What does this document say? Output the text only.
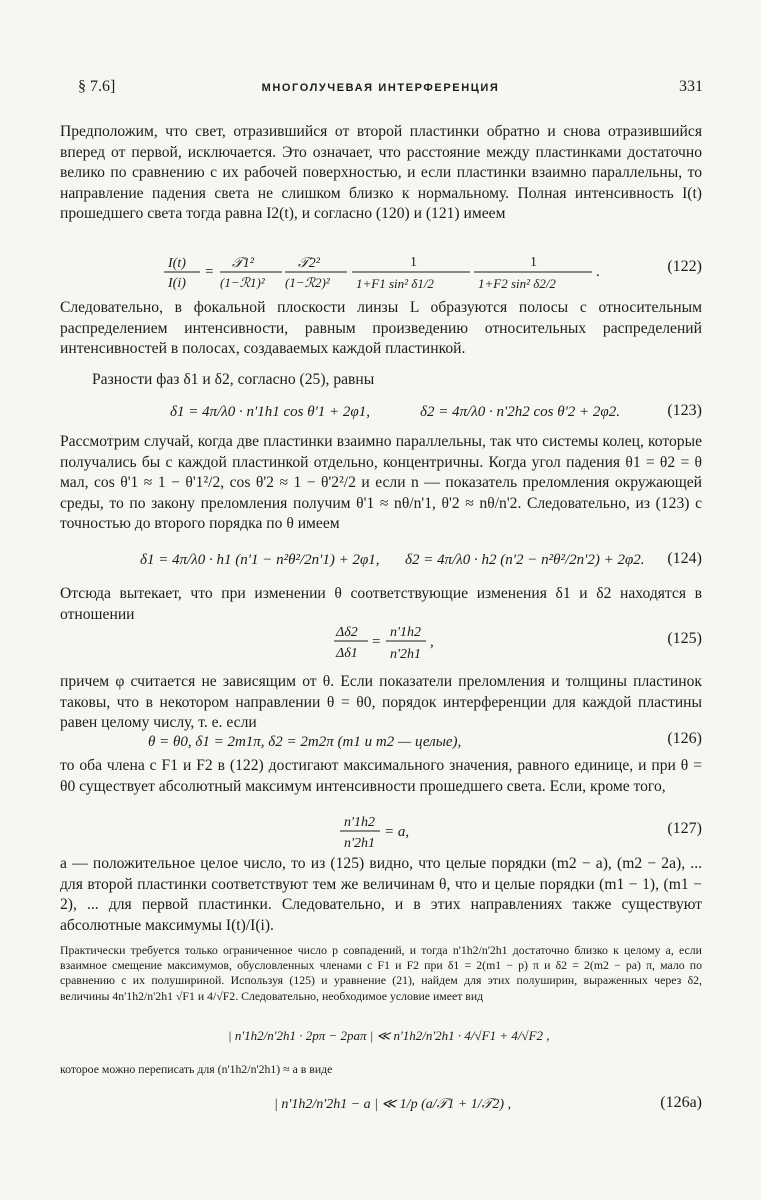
§ 7.6]	МНОГОЛУЧЕВАЯ ИНТЕРФЕРЕНЦИЯ	331

Предположим, что свет, отразившийся от второй пластинки обратно и снова отразившийся вперед от первой, исключается. Это означает, что расстояние между пластинками достаточно велико по сравнению с их рабочей поверхностью, и если пластинки взаимно параллельны, то направление падения света не слишком близко к нормальному. Полная интенсивность I(t) прошедшего света тогда равна I2(t), и согласно (120) и (121) имеем

I(t)
I(i)
=
𝒯1²
(1−ℛ1)²
𝒯2²
(1−ℛ2)²
1
1+F1 sin² δ1/2
1
1+F2 sin² δ2/2
.	(122)

Следовательно, в фокальной плоскости линзы L образуются полосы с относительным распределением интенсивности, равным произведению относительных распределений интенсивностей в полосах, создаваемых каждой пластинкой.

Разности фаз δ1 и δ2, согласно (25), равны

δ1 = 4π/λ0 · n'1h1 cos θ'1 + 2φ1,	δ2 = 4π/λ0 · n'2h2 cos θ'2 + 2φ2.	(123)

Рассмотрим случай, когда две пластинки взаимно параллельны, так что системы колец, которые получались бы с каждой пластинкой отдельно, концентричны. Когда угол падения θ1 = θ2 = θ мал, cos θ'1 ≈ 1 − θ'1²/2, cos θ'2 ≈ 1 − θ'2²/2 и если n — показатель преломления окружающей среды, то по закону преломления получим θ'1 ≈ nθ/n'1, θ'2 ≈ nθ/n'2. Следовательно, из (123) с точностью до второго порядка по θ имеем

δ1 = 4π/λ0 · h1 (n'1 − n²θ²/2n'1) + 2φ1, δ2 = 4π/λ0 · h2 (n'2 − n²θ²/2n'2) + 2φ2. (124)

Отсюда вытекает, что при изменении θ соответствующие изменения δ1 и δ2 находятся в отношении

Δδ2
Δδ1
=
n'1h2
n'2h1
,	(125)

причем φ считается не зависящим от θ. Если показатели преломления и толщины пластинок таковы, что в некотором направлении θ = θ0, порядок интерференции для каждой пластины равен целому числу, т. е. если

θ = θ0, δ1 = 2m1π, δ2 = 2m2π (m1 и m2 — целые),	(126)

то оба члена с F1 и F2 в (122) достигают максимального значения, равного единице, и при θ = θ0 существует абсолютный максимум интенсивности прошедшего света. Если, кроме того,

n'1h2
n'2h1
= a,	(127)

a — положительное целое число, то из (125) видно, что целые порядки (m2 − a), (m2 − 2a), ... для второй пластинки соответствуют тем же величинам θ, что и целые порядки (m1 − 1), (m1 − 2), ... для первой пластинки. Следовательно, и в этих направлениях также существуют абсолютные максимумы I(t)/I(i).

Практически требуется только ограниченное число p совпадений, и тогда n'1h2/n'2h1 достаточно близко к целому a, если взаимное смещение максимумов, обусловленных членами с F1 и F2 при δ1 = 2(m1 − p) π и δ2 = 2(m2 − pa) π, мало по сравнению с их полушириной. Используя (125) и уравнение (21), найдем для этих полуширин, выраженных через δ2, величины 4n'1h2/n'2h1 √F1 и 4/√F2. Следовательно, необходимое условие имеет вид

| n'1h2/n'2h1 · 2pπ − 2paπ | ≪ n'1h2/n'2h1 · 4/√F1 + 4/√F2 ,

которое можно переписать для (n'1h2/n'2h1) ≈ a в виде

| n'1h2/n'2h1 − a | ≪ 1/p (a/𝒯1 + 1/𝒯2) ,	(126a)
